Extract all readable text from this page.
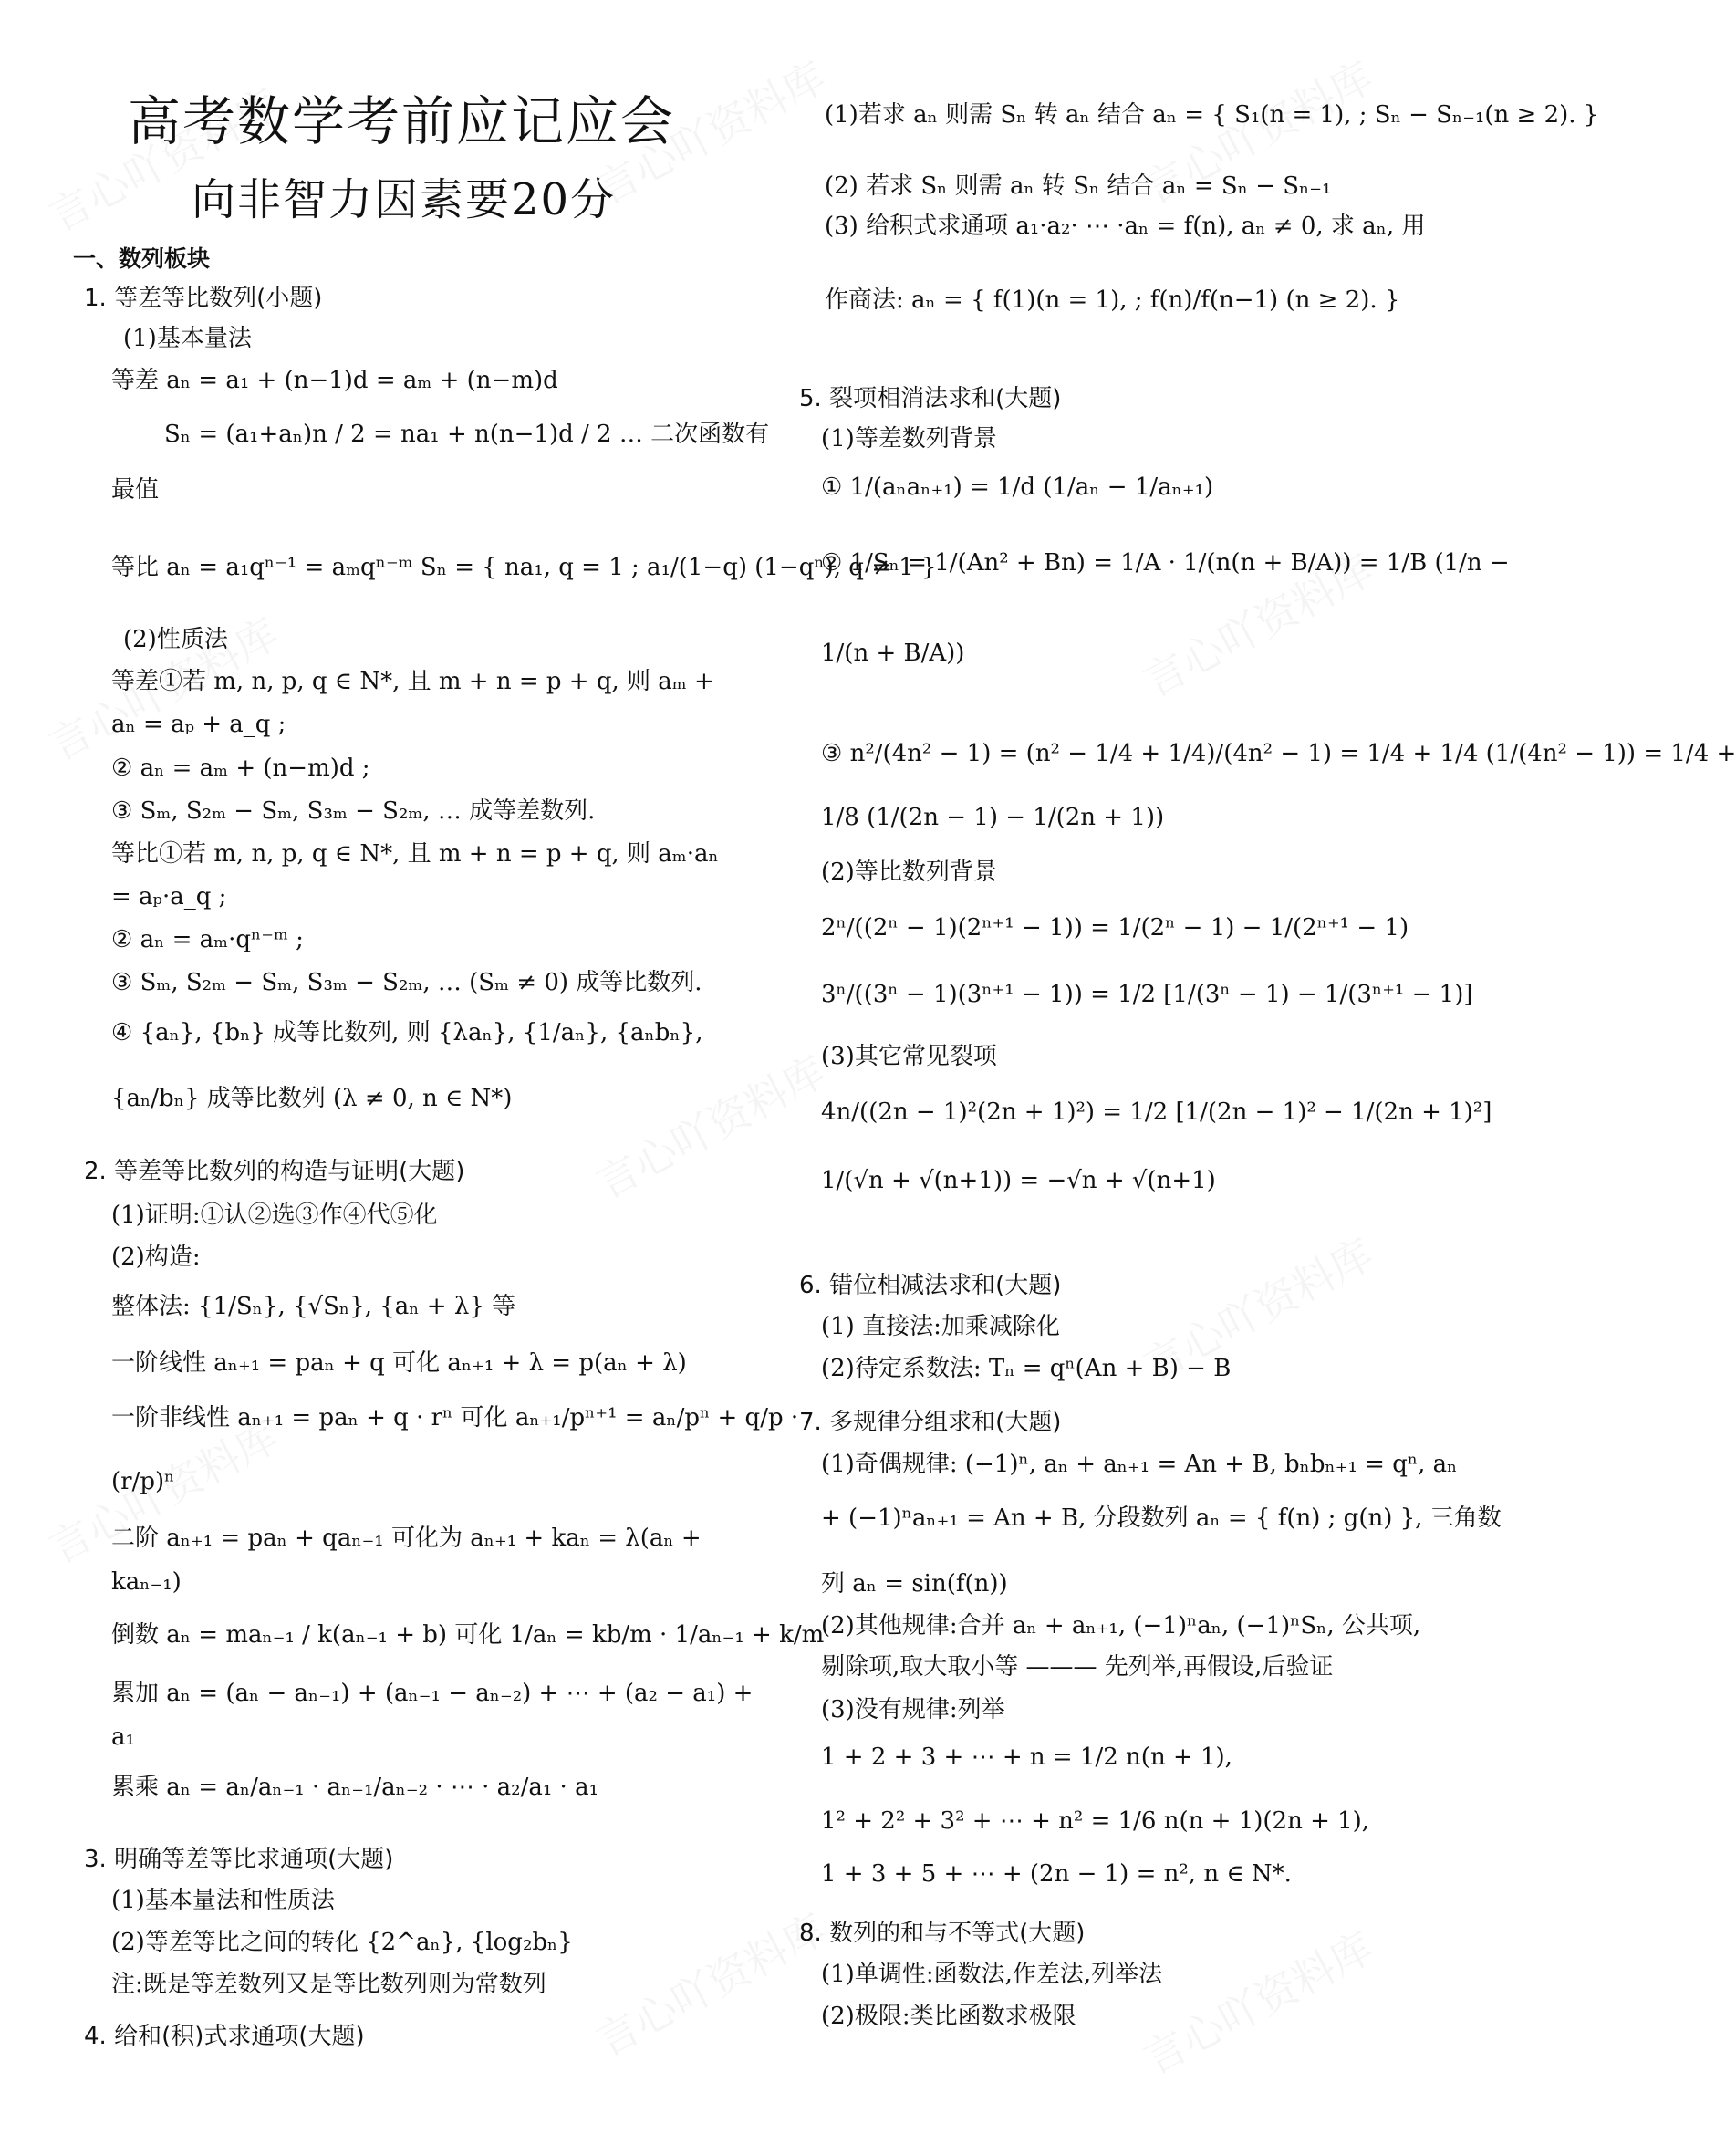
高考数学考前应记应会
向非智力因素要20分
一、数列板块
1. 等差等比数列(小题)
(1)基本量法
等差 aₙ = a₁ + (n−1)d = aₘ + (n−m)d
Sₙ = (a₁+aₙ)n / 2 = na₁ + n(n−1)d / 2 … 二次函数有
最值
等比 aₙ = a₁qⁿ⁻¹ = aₘqⁿ⁻ᵐ Sₙ = { na₁, q = 1 ; a₁/(1−q) (1−qⁿ), q ≠ 1 }
(2)性质法
等差①若 m, n, p, q ∈ N*, 且 m + n = p + q, 则 aₘ +
aₙ = aₚ + a_q ;
② aₙ = aₘ + (n−m)d ;
③ Sₘ, S₂ₘ − Sₘ, S₃ₘ − S₂ₘ, … 成等差数列.
等比①若 m, n, p, q ∈ N*, 且 m + n = p + q, 则 aₘ·aₙ
= aₚ·a_q ;
② aₙ = aₘ·qⁿ⁻ᵐ ;
③ Sₘ, S₂ₘ − Sₘ, S₃ₘ − S₂ₘ, … (Sₘ ≠ 0) 成等比数列.
④ {aₙ}, {bₙ} 成等比数列, 则 {λaₙ}, {1/aₙ}, {aₙbₙ},
{aₙ/bₙ} 成等比数列 (λ ≠ 0, n ∈ N*)
2. 等差等比数列的构造与证明(大题)
(1)证明:①认②选③作④代⑤化
(2)构造:
整体法: {1/Sₙ}, {√Sₙ}, {aₙ + λ} 等
一阶线性 aₙ₊₁ = paₙ + q 可化 aₙ₊₁ + λ = p(aₙ + λ)
一阶非线性 aₙ₊₁ = paₙ + q · rⁿ 可化 aₙ₊₁/pⁿ⁺¹ = aₙ/pⁿ + q/p ·
(r/p)ⁿ
二阶 aₙ₊₁ = paₙ + qaₙ₋₁ 可化为 aₙ₊₁ + kaₙ = λ(aₙ +
kaₙ₋₁)
倒数 aₙ = maₙ₋₁ / k(aₙ₋₁ + b) 可化 1/aₙ = kb/m · 1/aₙ₋₁ + k/m
累加 aₙ = (aₙ − aₙ₋₁) + (aₙ₋₁ − aₙ₋₂) + ⋯ + (a₂ − a₁) +
a₁
累乘 aₙ = aₙ/aₙ₋₁ · aₙ₋₁/aₙ₋₂ · ⋯ · a₂/a₁ · a₁
3. 明确等差等比求通项(大题)
(1)基本量法和性质法
(2)等差等比之间的转化 {2^aₙ}, {log₂bₙ}
注:既是等差数列又是等比数列则为常数列
4. 给和(积)式求通项(大题)
(1)若求 aₙ 则需 Sₙ 转 aₙ 结合 aₙ = { S₁(n = 1), ; Sₙ − Sₙ₋₁(n ≥ 2). }
(2) 若求 Sₙ 则需 aₙ 转 Sₙ 结合 aₙ = Sₙ − Sₙ₋₁
(3) 给积式求通项 a₁·a₂· ⋯ ·aₙ = f(n), aₙ ≠ 0, 求 aₙ, 用
作商法: aₙ = { f(1)(n = 1), ; f(n)/f(n−1) (n ≥ 2). }
5. 裂项相消法求和(大题)
(1)等差数列背景
① 1/(aₙaₙ₊₁) = 1/d (1/aₙ − 1/aₙ₊₁)
② 1/Sₙ = 1/(An² + Bn) = 1/A · 1/(n(n + B/A)) = 1/B (1/n −
1/(n + B/A))
③ n²/(4n² − 1) = (n² − 1/4 + 1/4)/(4n² − 1) = 1/4 + 1/4 (1/(4n² − 1)) = 1/4 +
1/8 (1/(2n − 1) − 1/(2n + 1))
(2)等比数列背景
2ⁿ/((2ⁿ − 1)(2ⁿ⁺¹ − 1)) = 1/(2ⁿ − 1) − 1/(2ⁿ⁺¹ − 1)
3ⁿ/((3ⁿ − 1)(3ⁿ⁺¹ − 1)) = 1/2 [1/(3ⁿ − 1) − 1/(3ⁿ⁺¹ − 1)]
(3)其它常见裂项
4n/((2n − 1)²(2n + 1)²) = 1/2 [1/(2n − 1)² − 1/(2n + 1)²]
1/(√n + √(n+1)) = −√n + √(n+1)
6. 错位相减法求和(大题)
(1) 直接法:加乘减除化
(2)待定系数法: Tₙ = qⁿ(An + B) − B
7. 多规律分组求和(大题)
(1)奇偶规律: (−1)ⁿ, aₙ + aₙ₊₁ = An + B, bₙbₙ₊₁ = qⁿ, aₙ
+ (−1)ⁿaₙ₊₁ = An + B, 分段数列 aₙ = { f(n) ; g(n) }, 三角数
列 aₙ = sin(f(n))
(2)其他规律:合并 aₙ + aₙ₊₁, (−1)ⁿaₙ, (−1)ⁿSₙ, 公共项,
剔除项,取大取小等 ——— 先列举,再假设,后验证
(3)没有规律:列举
1 + 2 + 3 + ⋯ + n = 1/2 n(n + 1),
1² + 2² + 3² + ⋯ + n² = 1/6 n(n + 1)(2n + 1),
1 + 3 + 5 + ⋯ + (2n − 1) = n², n ∈ N*.
8. 数列的和与不等式(大题)
(1)单调性:函数法,作差法,列举法
(2)极限:类比函数求极限
